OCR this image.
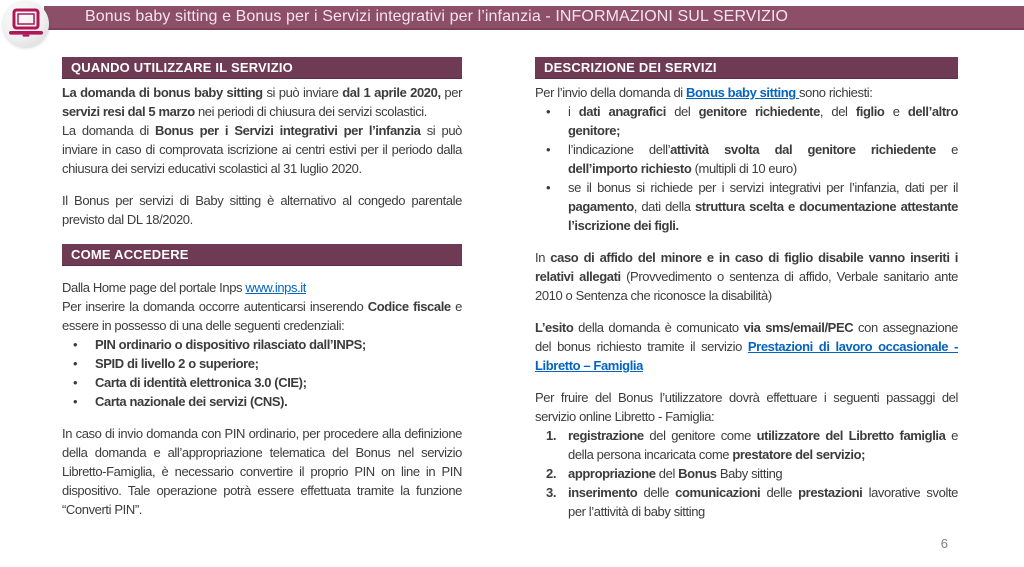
Bonus baby sitting e Bonus per i Servizi integrativi per l’infanzia - INFORMAZIONI SUL SERVIZIO
QUANDO UTILIZZARE IL SERVIZIO

La domanda di bonus baby sitting si può inviare dal 1 aprile 2020, per servizi resi dal 5 marzo nei periodi di chiusura dei servizi scolastici.

La domanda di Bonus per i Servizi integrativi per l’infanzia si può inviare in caso di comprovata iscrizione ai centri estivi per il periodo dalla chiusura dei servizi educativi scolastici al 31 luglio 2020.

Il Bonus per servizi di Baby sitting è alternativo al congedo parentale previsto dal DL 18/2020.

COME ACCEDERE

Dalla Home page del portale Inps www.inps.it

Per inserire la domanda occorre autenticarsi inserendo Codice fiscale e essere in possesso di una delle seguenti credenziali:

•	PIN ordinario o dispositivo rilasciato dall’INPS;
•	SPID di livello 2 o superiore;
•	Carta di identità elettronica 3.0 (CIE);
•	Carta nazionale dei servizi (CNS).

In caso di invio domanda con PIN ordinario, per procedere alla definizione della domanda e all’appropriazione telematica del Bonus nel servizio Libretto-Famiglia, è necessario convertire il proprio PIN on line in PIN dispositivo. Tale operazione potrà essere effettuata tramite la funzione “Converti PIN”.

DESCRIZIONE DEI SERVIZI

Per l’invio della domanda di Bonus baby sitting sono richiesti:

•	i dati anagrafici del genitore richiedente, del figlio e dell’altro genitore;
•	l’indicazione dell’attività svolta dal genitore richiedente e dell’importo richiesto (multipli di 10 euro)
•	se il bonus si richiede per i servizi integrativi per l’infanzia, dati per il pagamento, dati della struttura scelta e documentazione attestante l’iscrizione dei figli.

In caso di affido del minore e in caso di figlio disabile vanno inseriti i relativi allegati (Provvedimento o sentenza di affido, Verbale sanitario ante 2010 o Sentenza che riconosce la disabilità)

L’esito della domanda è comunicato via sms/email/PEC con assegnazione del bonus richiesto tramite il servizio Prestazioni di lavoro occasionale - Libretto – Famiglia

Per fruire del Bonus l’utilizzatore dovrà effettuare i seguenti passaggi del servizio online Libretto - Famiglia:

1. registrazione del genitore come utilizzatore del Libretto famiglia e della persona incaricata come prestatore del servizio;
2. appropriazione del Bonus Baby sitting
3. inserimento delle comunicazioni delle prestazioni lavorative svolte per l’attività di baby sitting
6
